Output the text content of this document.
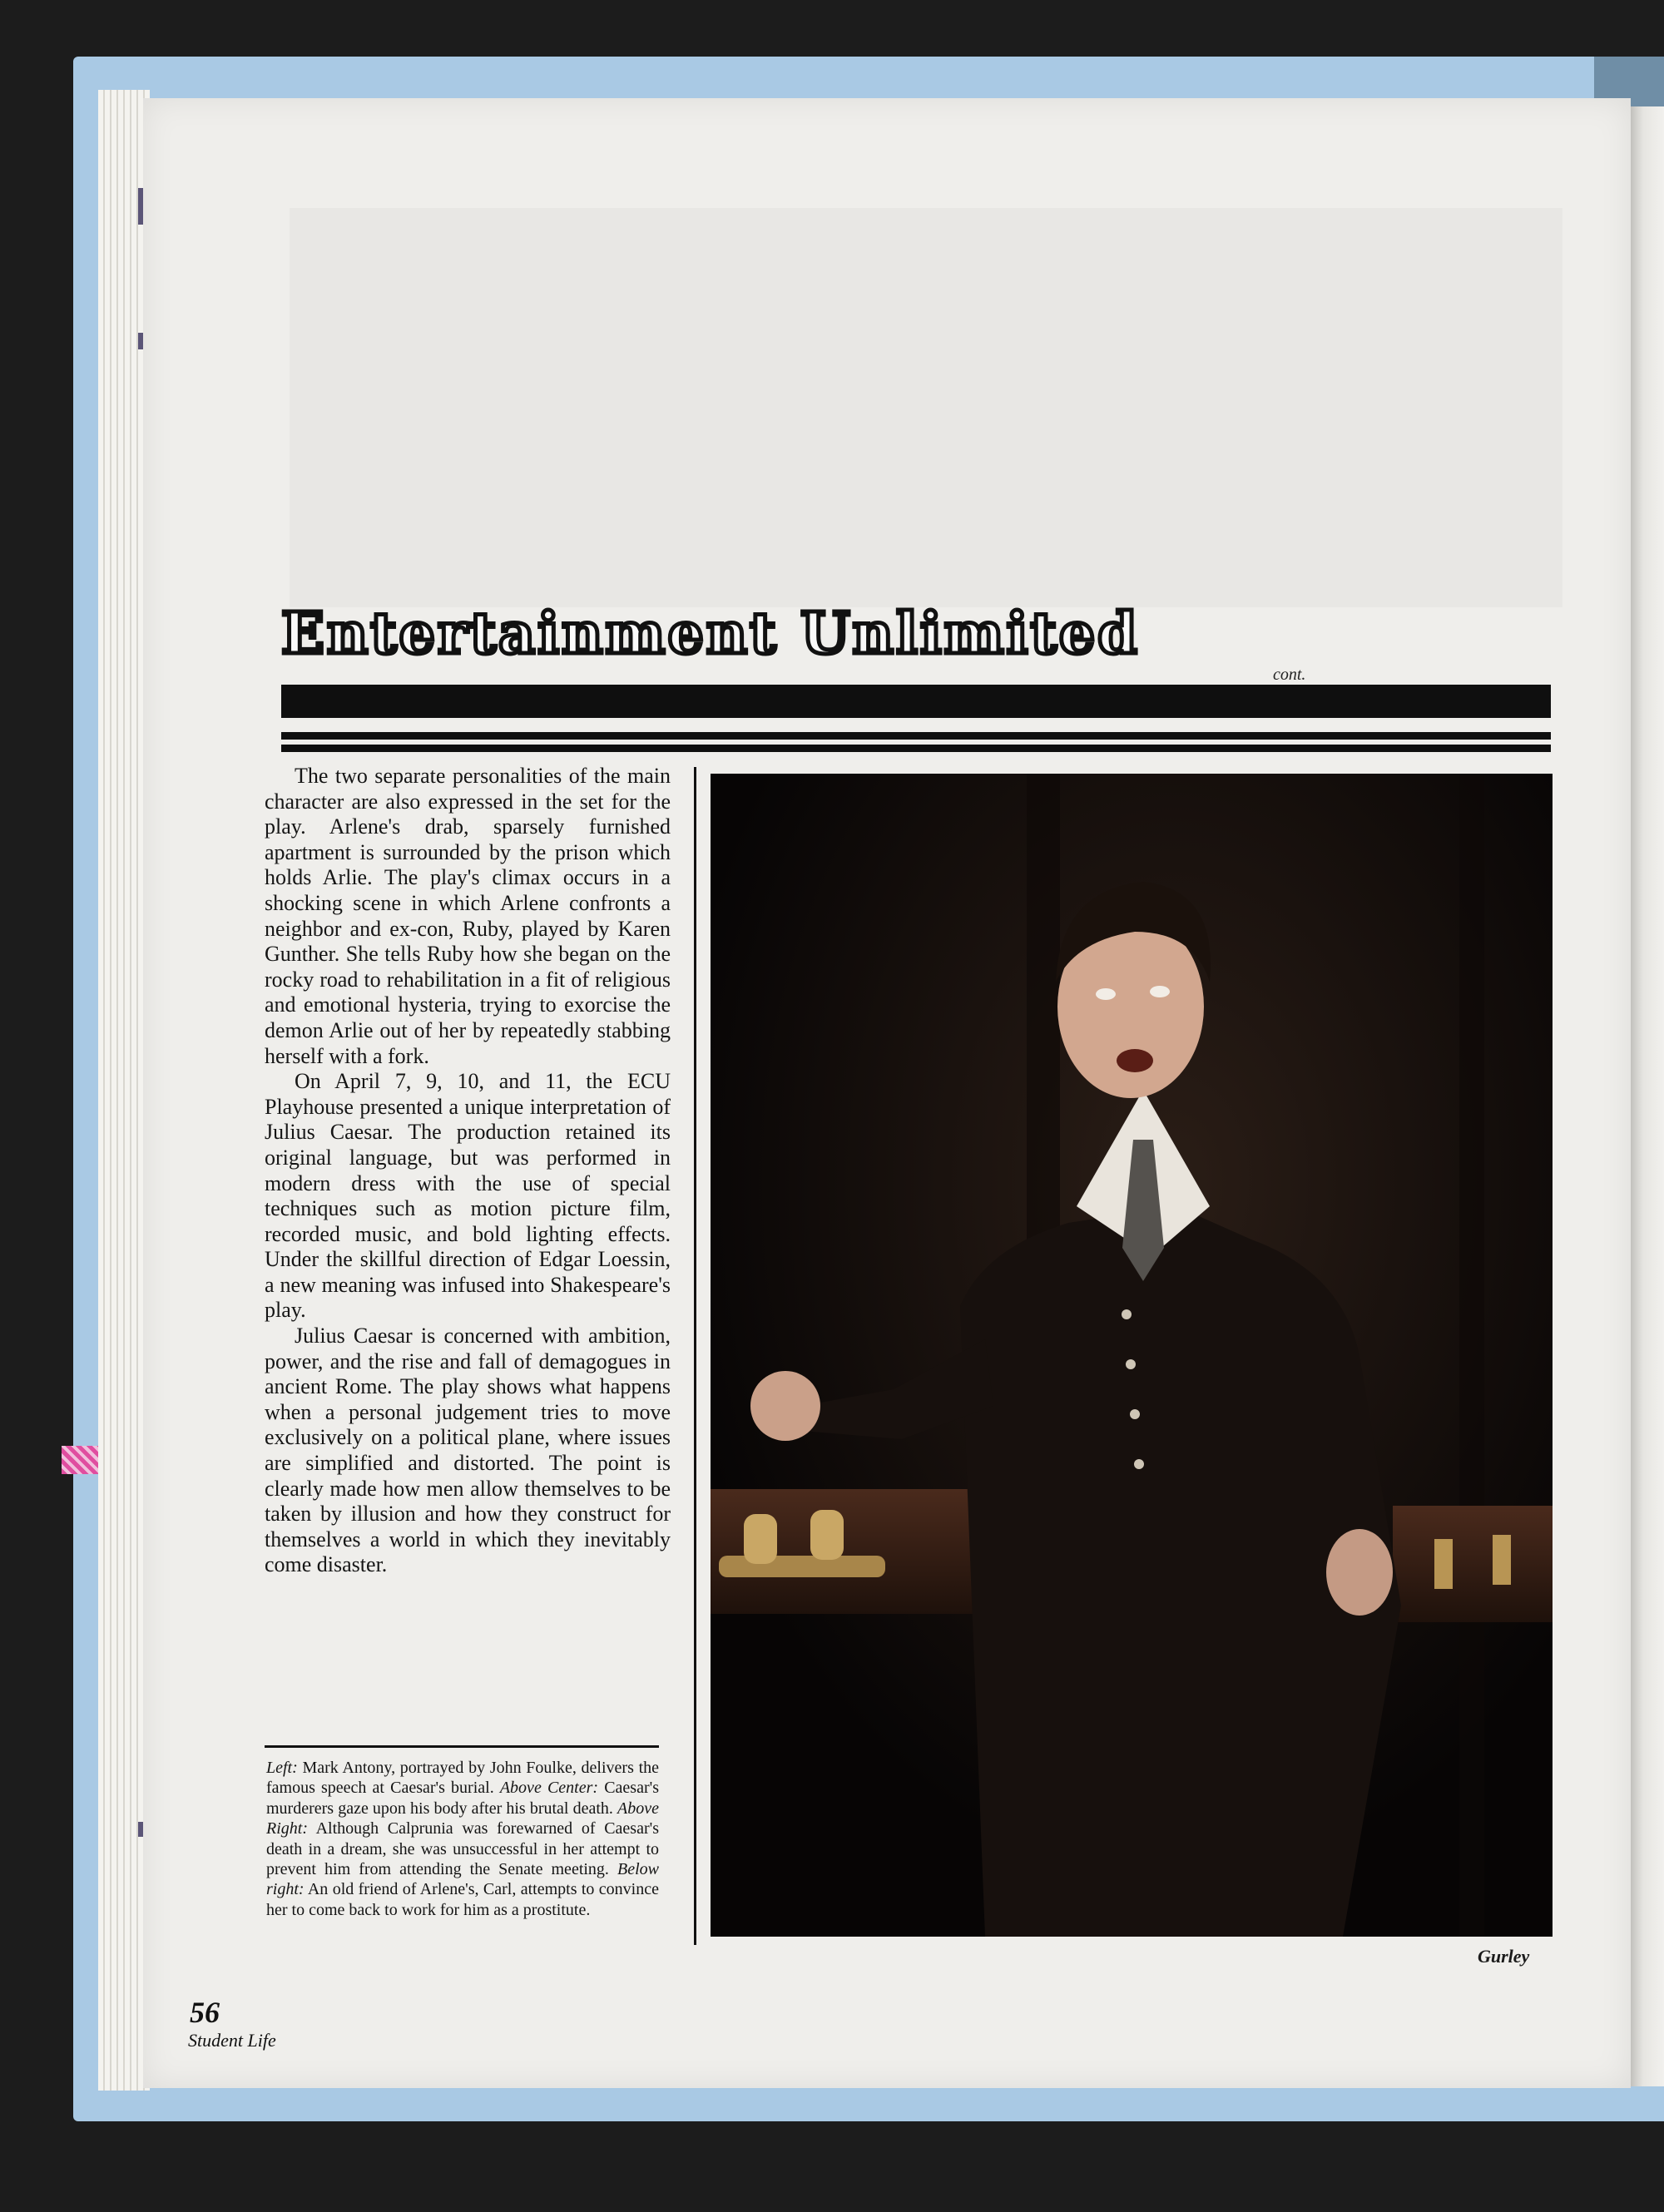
Entertainment Unlimited
cont.

The two separate personalities of the main character are also expressed in the set for the play. Arlene's drab, sparsely furnished apartment is surrounded by the prison which holds Arlie. The play's climax occurs in a shocking scene in which Arlene confronts a neighbor and ex-con, Ruby, played by Karen Gunther. She tells Ruby how she began on the rocky road to rehabilitation in a fit of religious and emotional hysteria, trying to exorcise the demon Arlie out of her by repeatedly stabbing herself with a fork.

On April 7, 9, 10, and 11, the ECU Playhouse presented a unique interpretation of Julius Caesar. The production retained its original language, but was performed in modern dress with the use of special techniques such as motion picture film, recorded music, and bold lighting effects. Under the skillful direction of Edgar Loessin, a new meaning was infused into Shakespeare's play.

Julius Caesar is concerned with ambition, power, and the rise and fall of demagogues in ancient Rome. The play shows what happens when a personal judgement tries to move exclusively on a political plane, where issues are simplified and distorted. The point is clearly made how men allow themselves to be taken by illusion and how they construct for themselves a world in which they inevitably come disaster.

Left: Mark Antony, portrayed by John Foulke, delivers the famous speech at Caesar's burial. Above Center: Caesar's murderers gaze upon his body after his brutal death. Above Right: Although Calprunia was forewarned of Caesar's death in a dream, she was unsuccessful in her attempt to prevent him from attending the Senate meeting. Below right: An old friend of Arlene's, Carl, attempts to convince her to come back to work for him as a prostitute.
Gurley

56

Student Life
